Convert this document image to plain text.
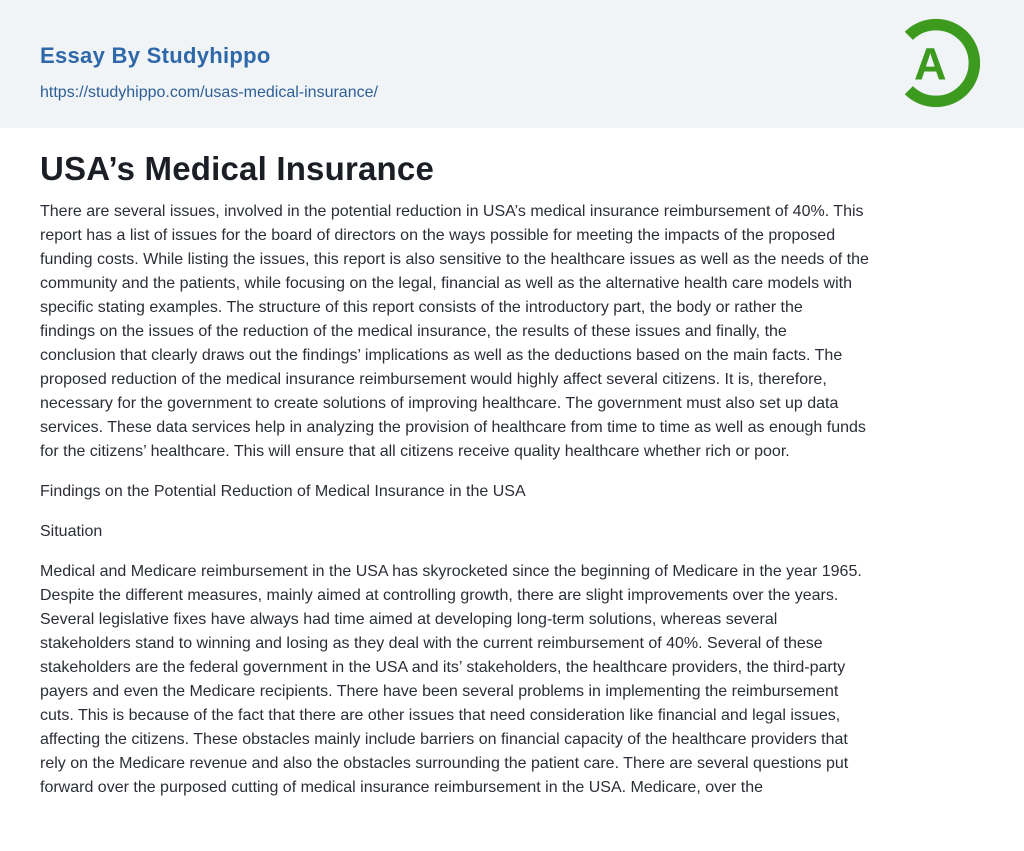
Essay By Studyhippo
https://studyhippo.com/usas-medical-insurance/
A
USA’s Medical Insurance

There are several issues, involved in the potential reduction in USA’s medical insurance reimbursement of 40%. This
report has a list of issues for the board of directors on the ways possible for meeting the impacts of the proposed
funding costs. While listing the issues, this report is also sensitive to the healthcare issues as well as the needs of the
community and the patients, while focusing on the legal, financial as well as the alternative health care models with
specific stating examples. The structure of this report consists of the introductory part, the body or rather the
findings on the issues of the reduction of the medical insurance, the results of these issues and finally, the
conclusion that clearly draws out the findings’ implications as well as the deductions based on the main facts. The
proposed reduction of the medical insurance reimbursement would highly affect several citizens. It is, therefore,
necessary for the government to create solutions of improving healthcare. The government must also set up data
services. These data services help in analyzing the provision of healthcare from time to time as well as enough funds
for the citizens’ healthcare. This will ensure that all citizens receive quality healthcare whether rich or poor.

Findings on the Potential Reduction of Medical Insurance in the USA

Situation

Medical and Medicare reimbursement in the USA has skyrocketed since the beginning of Medicare in the year 1965.
Despite the different measures, mainly aimed at controlling growth, there are slight improvements over the years.
Several legislative fixes have always had time aimed at developing long-term solutions, whereas several
stakeholders stand to winning and losing as they deal with the current reimbursement of 40%. Several of these
stakeholders are the federal government in the USA and its’ stakeholders, the healthcare providers, the third-party
payers and even the Medicare recipients. There have been several problems in implementing the reimbursement
cuts. This is because of the fact that there are other issues that need consideration like financial and legal issues,
affecting the citizens. These obstacles mainly include barriers on financial capacity of the healthcare providers that
rely on the Medicare revenue and also the obstacles surrounding the patient care. There are several questions put
forward over the purposed cutting of medical insurance reimbursement in the USA. Medicare, over the
